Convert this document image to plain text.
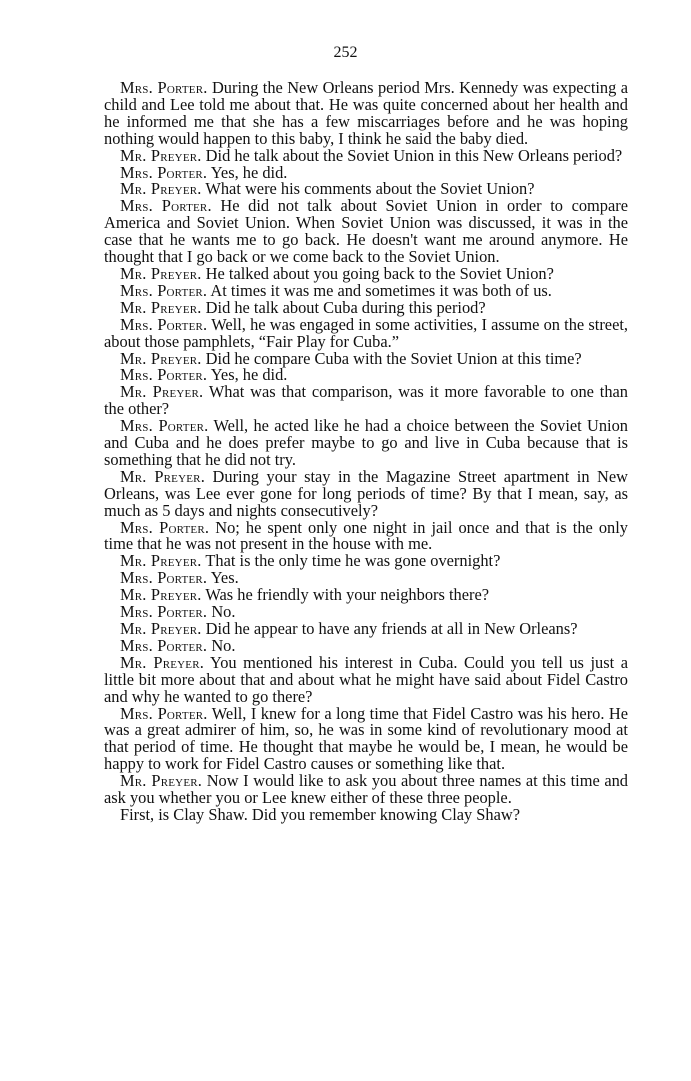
252

Mrs. Porter. During the New Orleans period Mrs. Kennedy was expecting a child and Lee told me about that. He was quite concerned about her health and he informed me that she has a few miscarriages before and he was hoping nothing would happen to this baby, I think he said the baby died.

Mr. Preyer. Did he talk about the Soviet Union in this New Orleans period?

Mrs. Porter. Yes, he did.

Mr. Preyer. What were his comments about the Soviet Union?

Mrs. Porter. He did not talk about Soviet Union in order to compare America and Soviet Union. When Soviet Union was discussed, it was in the case that he wants me to go back. He doesn't want me around anymore. He thought that I go back or we come back to the Soviet Union.

Mr. Preyer. He talked about you going back to the Soviet Union?

Mrs. Porter. At times it was me and sometimes it was both of us.

Mr. Preyer. Did he talk about Cuba during this period?

Mrs. Porter. Well, he was engaged in some activities, I assume on the street, about those pamphlets, “Fair Play for Cuba.”

Mr. Preyer. Did he compare Cuba with the Soviet Union at this time?

Mrs. Porter. Yes, he did.

Mr. Preyer. What was that comparison, was it more favorable to one than the other?

Mrs. Porter. Well, he acted like he had a choice between the Soviet Union and Cuba and he does prefer maybe to go and live in Cuba because that is something that he did not try.

Mr. Preyer. During your stay in the Magazine Street apartment in New Orleans, was Lee ever gone for long periods of time? By that I mean, say, as much as 5 days and nights consecutively?

Mrs. Porter. No; he spent only one night in jail once and that is the only time that he was not present in the house with me.

Mr. Preyer. That is the only time he was gone overnight?

Mrs. Porter. Yes.

Mr. Preyer. Was he friendly with your neighbors there?

Mrs. Porter. No.

Mr. Preyer. Did he appear to have any friends at all in New Orleans?

Mrs. Porter. No.

Mr. Preyer. You mentioned his interest in Cuba. Could you tell us just a little bit more about that and about what he might have said about Fidel Castro and why he wanted to go there?

Mrs. Porter. Well, I knew for a long time that Fidel Castro was his hero. He was a great admirer of him, so, he was in some kind of revolutionary mood at that period of time. He thought that maybe he would be, I mean, he would be happy to work for Fidel Castro causes or something like that.

Mr. Preyer. Now I would like to ask you about three names at this time and ask you whether you or Lee knew either of these three people.

First, is Clay Shaw. Did you remember knowing Clay Shaw?
